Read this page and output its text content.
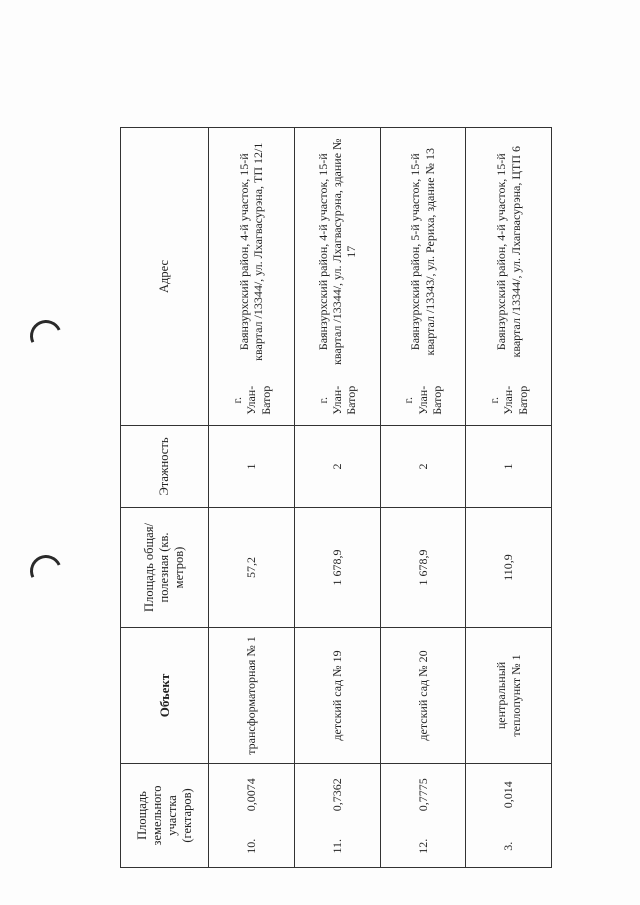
Площадь земельного участка (гектаров)		Объект	Площадь общая/полезная (кв. метров)	Этажность	Адрес	
10.	0,0074	трансформаторная № 1	57,2	1	г. Улан-Батор	Баянзурхский район, 4-й участок, 15-й квартал /13344/, ул. Лхагвасурэна, ТП 12/1
11.	0,7362	детский сад № 19	1 678,9	2	г. Улан-Батор	Баянзурхский район, 4-й участок, 15-й квартал /13344/, ул. Лхагвасурэна, здание № 17
12.	0,7775	детский сад № 20	1 678,9	2	г. Улан-Батор	Баянзурхский район, 5-й участок, 15-й квартал /13343/, ул. Рериха, здание № 13
3.	0,014	центральный теплопункт № 1	110,9	1	г. Улан-Батор	Баянзурхский район, 4-й участок, 15-й квартал /13344/, ул. Лхагвасурэна, ЦТП 6
